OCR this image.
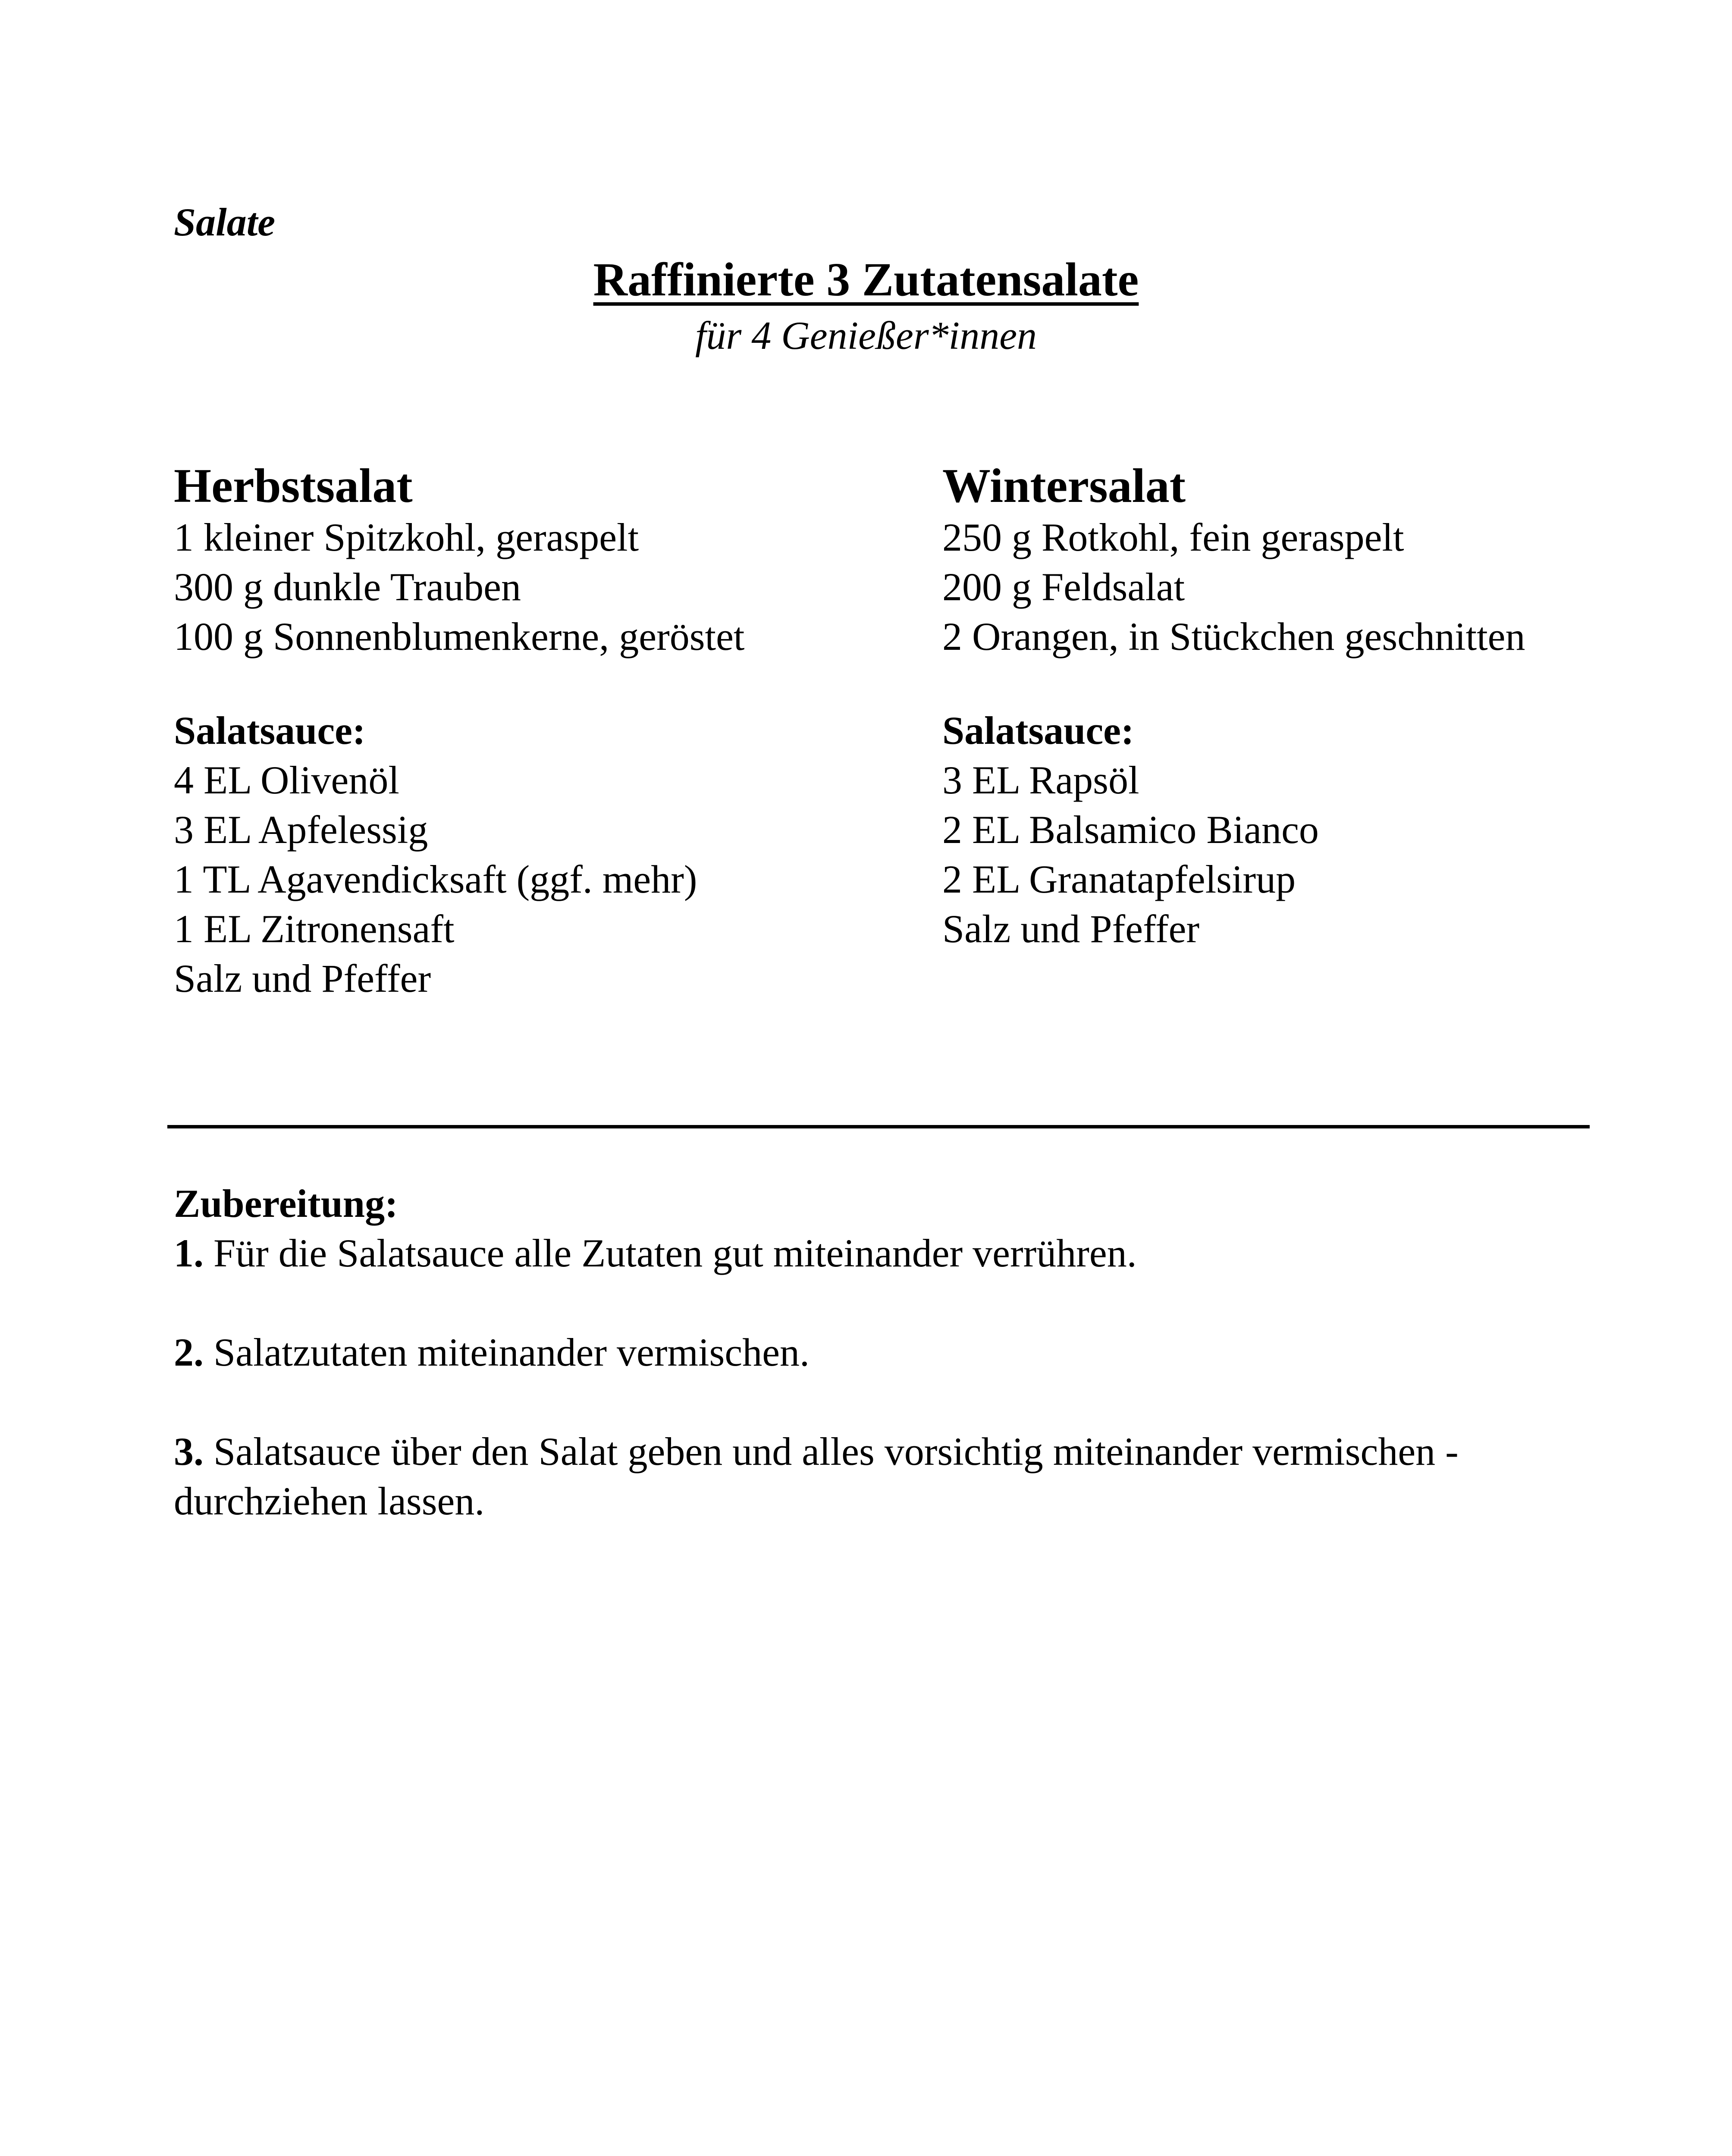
Salate
Raffinierte 3 Zutatensalate
für 4 Genießer*innen
Herbstsalat
1 kleiner Spitzkohl, geraspelt
300 g dunkle Trauben
100 g Sonnenblumenkerne, geröstet
Salatsauce:
4 EL Olivenöl
3 EL Apfelessig
1 TL Agavendicksaft (ggf. mehr)
1 EL Zitronensaft
Salz und Pfeffer
Wintersalat
250 g Rotkohl, fein geraspelt
200 g Feldsalat
2 Orangen, in Stückchen geschnitten
Salatsauce:
3 EL Rapsöl
2 EL Balsamico Bianco
2 EL Granatapfelsirup
Salz und Pfeffer
Zubereitung:
1. Für die Salatsauce alle Zutaten gut miteinander verrühren.
2. Salatzutaten miteinander vermischen.
3. Salatsauce über den Salat geben und alles vorsichtig miteinander vermischen -
durchziehen lassen.
